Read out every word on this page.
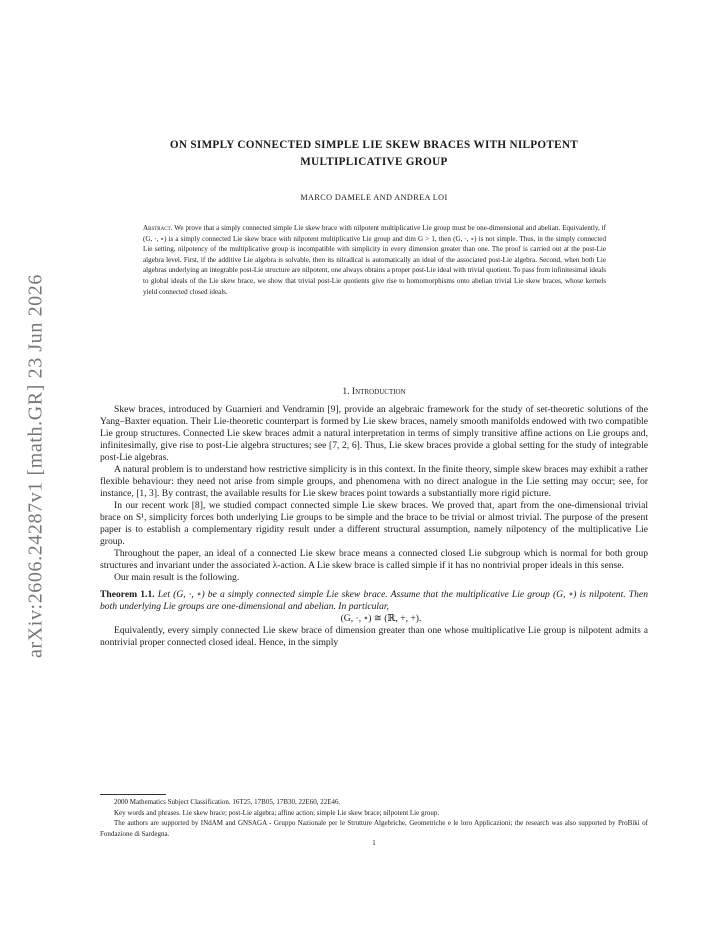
arXiv:2606.24287v1 [math.GR] 23 Jun 2026
ON SIMPLY CONNECTED SIMPLE LIE SKEW BRACES WITH NILPOTENT
MULTIPLICATIVE GROUP
MARCO DAMELE AND ANDREA LOI
Abstract. We prove that a simply connected simple Lie skew brace with nilpotent multiplicative Lie group must be one-dimensional and abelian. Equivalently, if (G, ·, ∘) is a simply connected Lie skew brace with nilpotent multiplicative Lie group and dim G > 1, then (G, ·, ∘) is not simple. Thus, in the simply connected Lie setting, nilpotency of the multiplicative group is incompatible with simplicity in every dimension greater than one. The proof is carried out at the post-Lie algebra level. First, if the additive Lie algebra is solvable, then its nilradical is automatically an ideal of the associated post-Lie algebra. Second, when both Lie algebras underlying an integrable post-Lie structure are nilpotent, one always obtains a proper post-Lie ideal with trivial quotient. To pass from infinitesimal ideals to global ideals of the Lie skew brace, we show that trivial post-Lie quotients give rise to homomorphisms onto abelian trivial Lie skew braces, whose kernels yield connected closed ideals.
1. Introduction

Skew braces, introduced by Guarnieri and Vendramin [9], provide an algebraic framework for the study of set-theoretic solutions of the Yang–Baxter equation. Their Lie-theoretic counterpart is formed by Lie skew braces, namely smooth manifolds endowed with two compatible Lie group structures. Connected Lie skew braces admit a natural interpretation in terms of simply transitive affine actions on Lie groups and, infinitesimally, give rise to post-Lie algebra structures; see [7, 2, 6]. Thus, Lie skew braces provide a global setting for the study of integrable post-Lie algebras.

A natural problem is to understand how restrictive simplicity is in this context. In the finite theory, simple skew braces may exhibit a rather flexible behaviour: they need not arise from simple groups, and phenomena with no direct analogue in the Lie setting may occur; see, for instance, [1, 3]. By contrast, the available results for Lie skew braces point towards a substantially more rigid picture.

In our recent work [8], we studied compact connected simple Lie skew braces. We proved that, apart from the one-dimensional trivial brace on S¹, simplicity forces both underlying Lie groups to be simple and the brace to be trivial or almost trivial. The purpose of the present paper is to establish a complementary rigidity result under a different structural assumption, namely nilpotency of the multiplicative Lie group.

Throughout the paper, an ideal of a connected Lie skew brace means a connected closed Lie subgroup which is normal for both group structures and invariant under the associated λ-action. A Lie skew brace is called simple if it has no nontrivial proper ideals in this sense.

Our main result is the following.

Theorem 1.1. Let (G, ·, ∘) be a simply connected simple Lie skew brace. Assume that the multiplicative Lie group (G, ∘) is nilpotent. Then both underlying Lie groups are one-dimensional and abelian. In particular,

(G, ·, ∘) ≅ (ℝ, +, +).

Equivalently, every simply connected Lie skew brace of dimension greater than one whose multiplicative Lie group is nilpotent admits a nontrivial proper connected closed ideal. Hence, in the simply

2000 Mathematics Subject Classification. 16T25, 17B05, 17B30, 22E60, 22E46.

Key words and phrases. Lie skew brace; post-Lie algebra; affine action; simple Lie skew brace; nilpotent Lie group.

The authors are supported by INdAM and GNSAGA - Gruppo Nazionale per le Strutture Algebriche, Geometriche e le loro Applicazioni; the research was also supported by ProBiki of Fondazione di Sardegna.

1
